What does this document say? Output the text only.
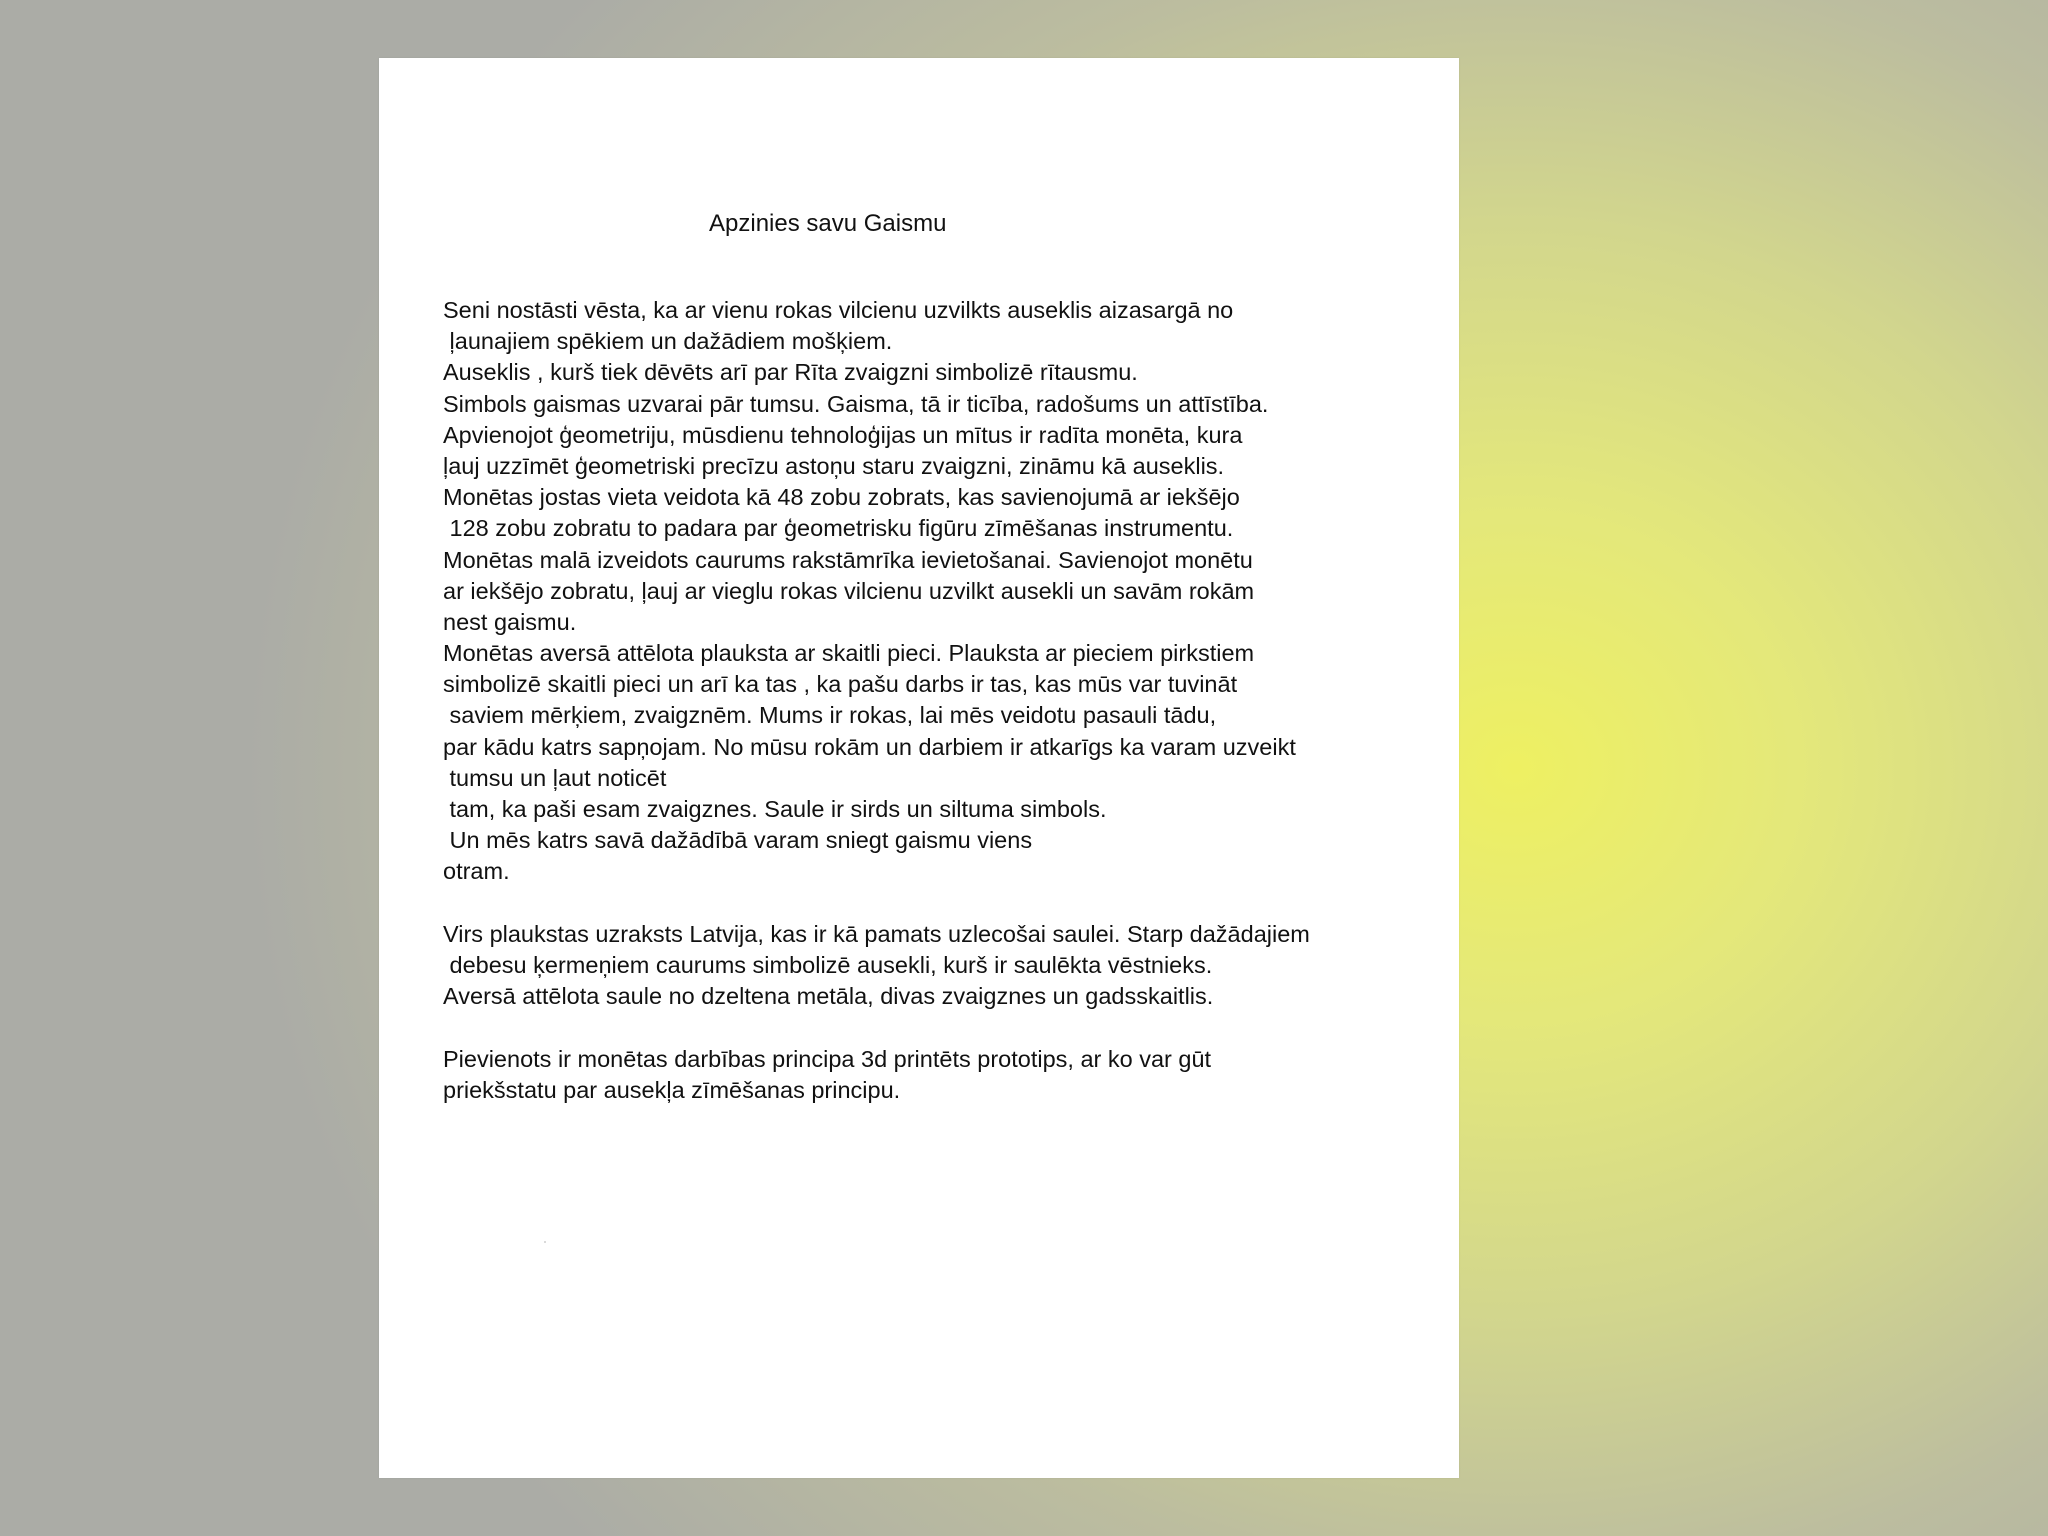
Apzinies savu Gaismu
Seni nostāsti vēsta, ka ar vienu rokas vilcienu uzvilkts auseklis aizasargā no
ļaunajiem spēkiem un dažādiem mošķiem.
Auseklis , kurš tiek dēvēts arī par Rīta zvaigzni simbolizē rītausmu.
Simbols gaismas uzvarai pār tumsu. Gaisma, tā ir ticība, radošums un attīstība.
Apvienojot ģeometriju, mūsdienu tehnoloģijas un mītus ir radīta monēta, kura
ļauj uzzīmēt ģeometriski precīzu astoņu staru zvaigzni, zināmu kā auseklis.
Monētas jostas vieta veidota kā 48 zobu zobrats, kas savienojumā ar iekšējo
128 zobu zobratu to padara par ģeometrisku figūru zīmēšanas instrumentu.
Monētas malā izveidots caurums rakstāmrīka ievietošanai. Savienojot monētu
ar iekšējo zobratu, ļauj ar vieglu rokas vilcienu uzvilkt ausekli un savām rokām
nest gaismu.
Monētas aversā attēlota plauksta ar skaitli pieci. Plauksta ar pieciem pirkstiem
simbolizē skaitli pieci un arī ka tas , ka pašu darbs ir tas, kas mūs var tuvināt
saviem mērķiem, zvaigznēm. Mums ir rokas, lai mēs veidotu pasauli tādu,
par kādu katrs sapņojam. No mūsu rokām un darbiem ir atkarīgs ka varam uzveikt
tumsu un ļaut noticēt
tam, ka paši esam zvaigznes. Saule ir sirds un siltuma simbols.
Un mēs katrs savā dažādībā varam sniegt gaismu viens
otram.
Virs plaukstas uzraksts Latvija, kas ir kā pamats uzlecošai saulei. Starp dažādajiem
debesu ķermeņiem caurums simbolizē ausekli, kurš ir saulēkta vēstnieks.
Aversā attēlota saule no dzeltena metāla, divas zvaigznes un gadsskaitlis.
Pievienots ir monētas darbības principa 3d printēts prototips, ar ko var gūt
priekšstatu par ausekļa zīmēšanas principu.
